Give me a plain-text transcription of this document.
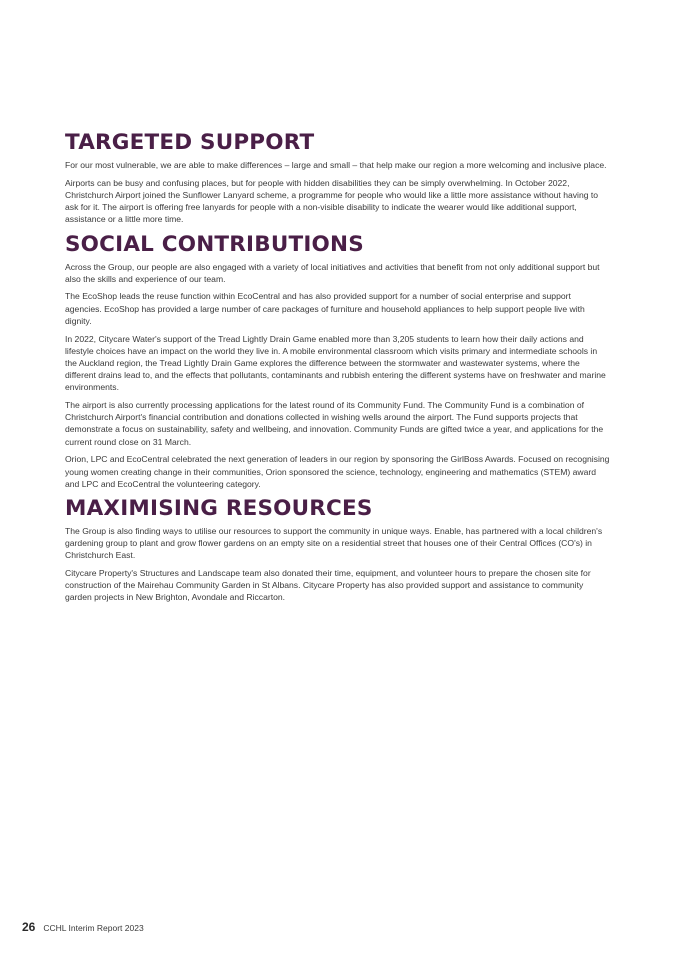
TARGETED SUPPORT

For our most vulnerable, we are able to make differences – large and small – that help make our region a more welcoming and inclusive place.

Airports can be busy and confusing places, but for people with hidden disabilities they can be simply overwhelming. In October 2022, Christchurch Airport joined the Sunflower Lanyard scheme, a programme for people who would like a little more assistance without having to ask for it. The airport is offering free lanyards for people with a non-visible disability to indicate the wearer would like additional support, assistance or a little more time.

SOCIAL CONTRIBUTIONS

Across the Group, our people are also engaged with a variety of local initiatives and activities that benefit from not only additional support but also the skills and experience of our team.

The EcoShop leads the reuse function within EcoCentral and has also provided support for a number of social enterprise and support agencies. EcoShop has provided a large number of care packages of furniture and household appliances to help support people live with dignity.

In 2022, Citycare Water's support of the Tread Lightly Drain Game enabled more than 3,205 students to learn how their daily actions and lifestyle choices have an impact on the world they live in. A mobile environmental classroom which visits primary and intermediate schools in the Auckland region, the Tread Lightly Drain Game explores the difference between the stormwater and wastewater systems, where the different drains lead to, and the effects that pollutants, contaminants and rubbish entering the different systems have on freshwater and marine environments.

The airport is also currently processing applications for the latest round of its Community Fund. The Community Fund is a combination of Christchurch Airport's financial contribution and donations collected in wishing wells around the airport. The Fund supports projects that demonstrate a focus on sustainability, safety and wellbeing, and innovation. Community Funds are gifted twice a year, and applications for the current round close on 31 March.

Orion, LPC and EcoCentral celebrated the next generation of leaders in our region by sponsoring the GirlBoss Awards. Focused on recognising young women creating change in their communities, Orion sponsored the science, technology, engineering and mathematics (STEM) award and LPC and EcoCentral the volunteering category.

MAXIMISING RESOURCES

The Group is also finding ways to utilise our resources to support the community in unique ways. Enable, has partnered with a local children's gardening group to plant and grow flower gardens on an empty site on a residential street that houses one of their Central Offices (CO's) in Christchurch East.

Citycare Property's Structures and Landscape team also donated their time, equipment, and volunteer hours to prepare the chosen site for construction of the Mairehau Community Garden in St Albans. Citycare Property has also provided support and assistance to community garden projects in New Brighton, Avondale and Riccarton.

26 CCHL Interim Report 2023
